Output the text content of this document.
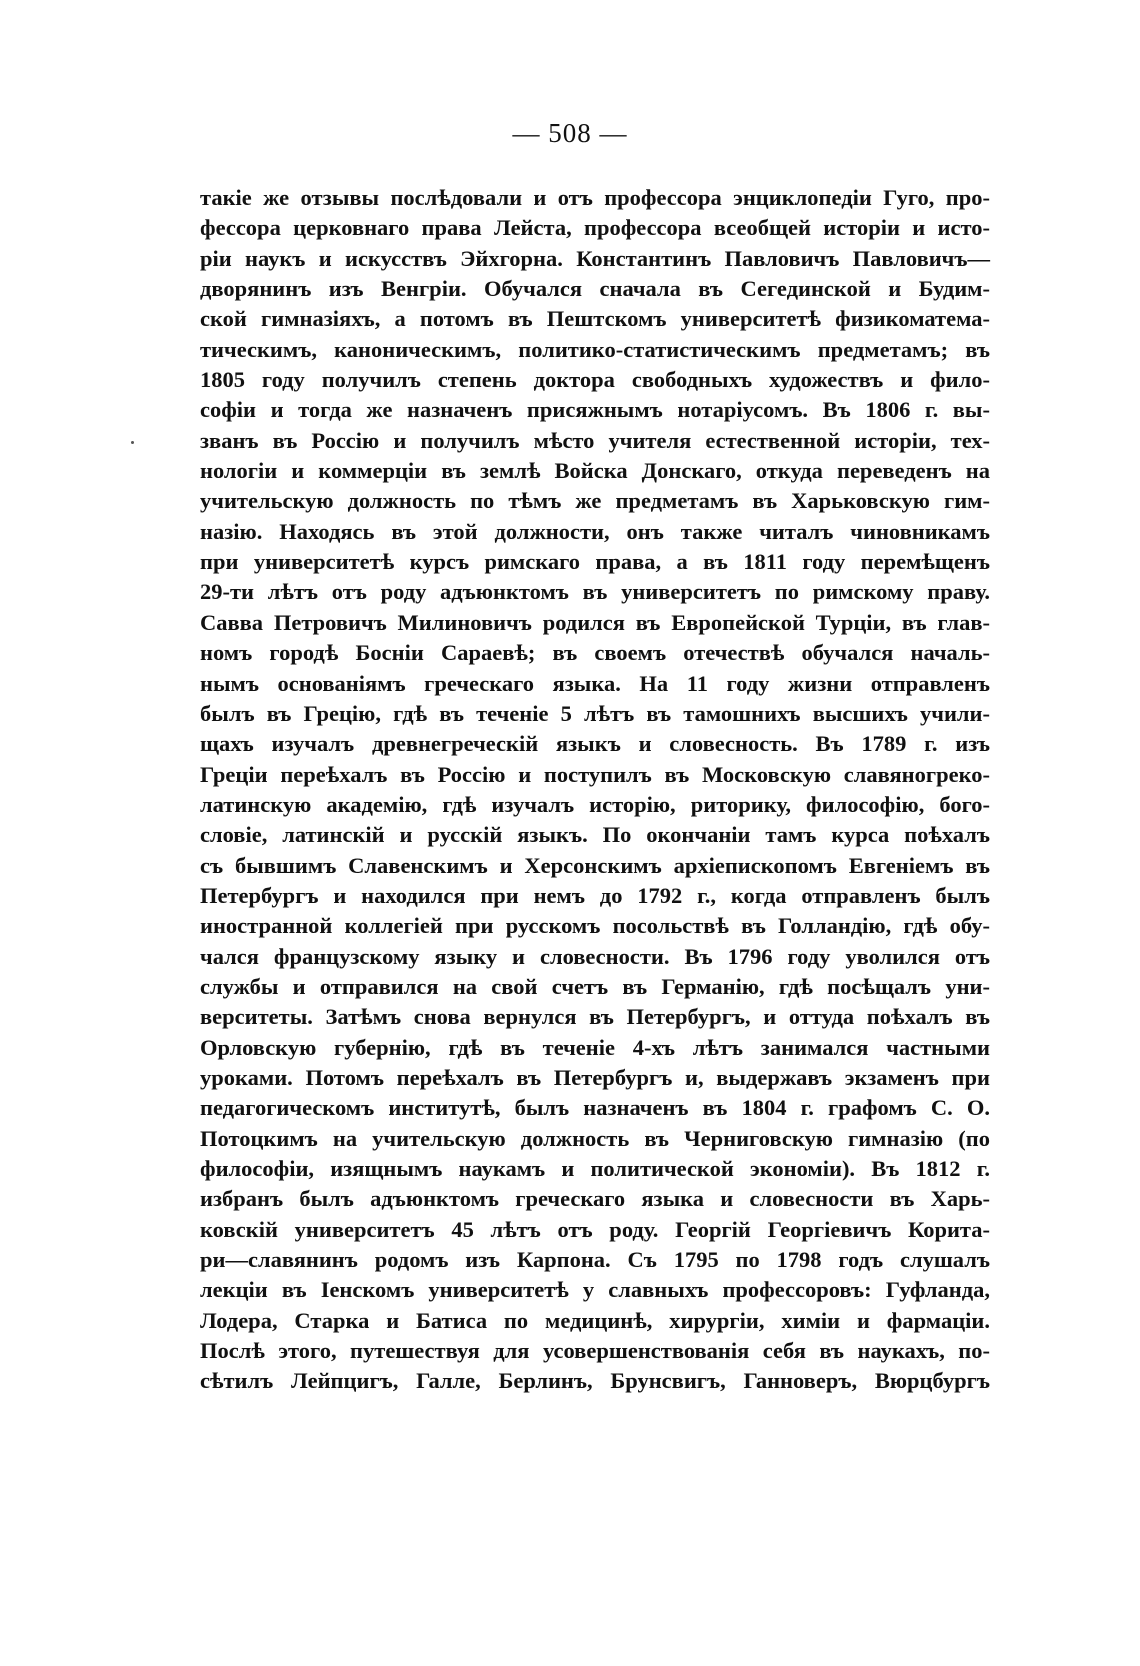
— 508 —
такіе же отзывы послѣдовали и отъ профессора энциклопедіи Гуго, про-
фессора церковнаго права Лейста, профессора всеобщей исторіи и исто-
ріи наукъ и искусствъ Эйхгорна. Константинъ Павловичъ Павловичъ—
дворянинъ изъ Венгріи. Обучался сначала въ Сегединской и Будим-
ской гимназіяхъ, а потомъ въ Пештскомъ университетѣ физикоматема-
тическимъ, каноническимъ, политико-статистическимъ предметамъ; въ
1805 году получилъ степень доктора свободныхъ художествъ и фило-
софіи и тогда же назначенъ присяжнымъ нотаріусомъ. Въ 1806 г. вы-
званъ въ Россію и получилъ мѣсто учителя естественной исторіи, тех-
нологіи и коммерціи въ землѣ Войска Донскаго, откуда переведенъ на
учительскую должность по тѣмъ же предметамъ въ Харьковскую гим-
назію. Находясь въ этой должности, онъ также читалъ чиновникамъ
при университетѣ курсъ римскаго права, а въ 1811 году перемѣщенъ
29-ти лѣтъ отъ роду адъюнктомъ въ университетъ по римскому праву.
Савва Петровичъ Милиновичъ родился въ Европейской Турціи, въ глав-
номъ городѣ Босніи Сараевѣ; въ своемъ отечествѣ обучался началь-
нымъ основаніямъ греческаго языка. На 11 году жизни отправленъ
былъ въ Грецію, гдѣ въ теченіе 5 лѣтъ въ тамошнихъ высшихъ учили-
щахъ изучалъ древнегреческій языкъ и словесность. Въ 1789 г. изъ
Греціи переѣхалъ въ Россію и поступилъ въ Московскую славяногреко-
латинскую академію, гдѣ изучалъ исторію, риторику, философію, бого-
словіе, латинскій и русскій языкъ. По окончаніи тамъ курса поѣхалъ
съ бывшимъ Славенскимъ и Херсонскимъ архіепископомъ Евгеніемъ въ
Петербургъ и находился при немъ до 1792 г., когда отправленъ былъ
иностранной коллегіей при русскомъ посольствѣ въ Голландію, гдѣ обу-
чался французскому языку и словесности. Въ 1796 году уволился отъ
службы и отправился на свой счетъ въ Германію, гдѣ посѣщалъ уни-
верситеты. Затѣмъ снова вернулся въ Петербургъ, и оттуда поѣхалъ въ
Орловскую губернію, гдѣ въ теченіе 4-хъ лѣтъ занимался частными
уроками. Потомъ переѣхалъ въ Петербургъ и, выдержавъ экзаменъ при
педагогическомъ институтѣ, былъ назначенъ въ 1804 г. графомъ С. О.
Потоцкимъ на учительскую должность въ Черниговскую гимназію (по
философіи, изящнымъ наукамъ и политической экономіи). Въ 1812 г.
избранъ былъ адъюнктомъ греческаго языка и словесности въ Харь-
ковскій университетъ 45 лѣтъ отъ роду. Георгій Георгіевичъ Корита-
ри—славянинъ родомъ изъ Карпона. Съ 1795 по 1798 годъ слушалъ
лекціи въ Іенскомъ университетѣ у славныхъ профессоровъ: Гуфланда,
Лодера, Старка и Батиса по медицинѣ, хирургіи, химіи и фармаціи.
Послѣ этого, путешествуя для усовершенствованія себя въ наукахъ, по-
сѣтилъ Лейпцигъ, Галле, Берлинъ, Брунсвигъ, Ганноверъ, Вюрцбургъ
